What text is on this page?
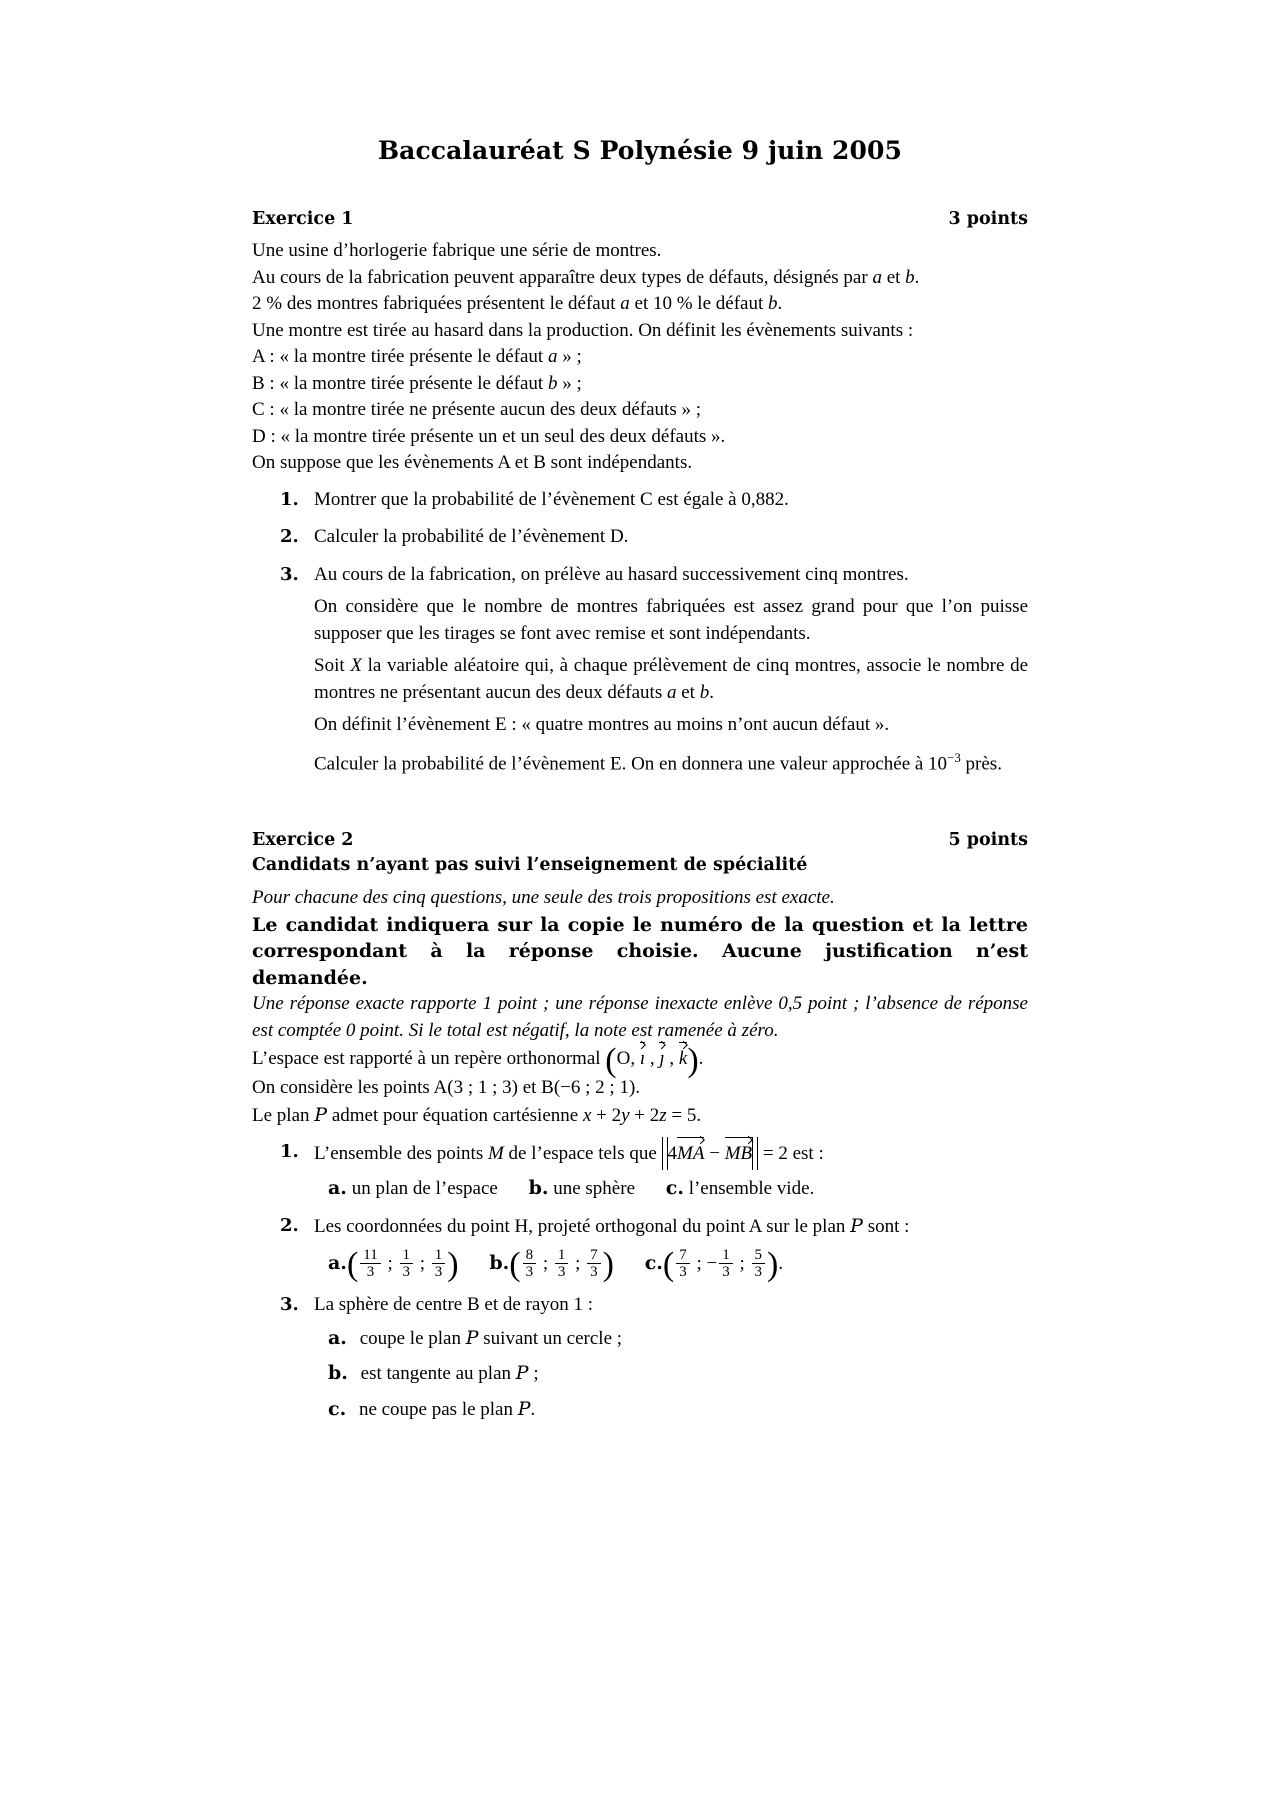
Baccalauréat S Polynésie 9 juin 2005
Exercice 1	3 points

Une usine d’horlogerie fabrique une série de montres.

Au cours de la fabrication peuvent apparaître deux types de défauts, désignés par a et b.

2 % des montres fabriquées présentent le défaut a et 10 % le défaut b.

Une montre est tirée au hasard dans la production. On définit les évènements suivants :

A : « la montre tirée présente le défaut a » ;

B : « la montre tirée présente le défaut b » ;

C : « la montre tirée ne présente aucun des deux défauts » ;

D : « la montre tirée présente un et un seul des deux défauts ».

On suppose que les évènements A et B sont indépendants.

Montrer que la probabilité de l’évènement C est égale à 0,882.

Calculer la probabilité de l’évènement D.

Au cours de la fabrication, on prélève au hasard successivement cinq montres.

On considère que le nombre de montres fabriquées est assez grand pour que l’on puisse supposer que les tirages se font avec remise et sont indépendants.

Soit X la variable aléatoire qui, à chaque prélèvement de cinq montres, associe le nombre de montres ne présentant aucun des deux défauts a et b.

On définit l’évènement E : « quatre montres au moins n’ont aucun défaut ».

Calculer la probabilité de l’évènement E. On en donnera une valeur approchée à $10^{-3}$ près.

Exercice 2	5 points
Candidats n’ayant pas suivi l’enseignement de spécialité

Pour chacune des cinq questions, une seule des trois propositions est exacte.

Le candidat indiquera sur la copie le numéro de la question et la lettre correspondant à la réponse choisie. Aucune justification n’est demandée.

Une réponse exacte rapporte 1 point ; une réponse inexacte enlève 0,5 point ; l’absence de réponse est comptée 0 point. Si le total est négatif, la note est ramenée à zéro.

L’espace est rapporté à un repère orthonormal (O, ı , ȷ , k).

On considère les points A(3 ; 1 ; 3) et B(−6 ; 2 ; 1).

Le plan P admet pour équation cartésienne x + 2y + 2z = 5.

L’ensemble des points M de l’espace tels que 4MA − MB = 2 est :

a. un plan de l’espace b. une sphère c. l’ensemble vide.

Les coordonnées du point H, projeté orthogonal du point A sur le plan P sont :

$a.( \frac{11}{3}$ ; $\frac{1}{3}$ ; $\frac{1}{3}$ ) $b.( \frac{8}{3}$ ; $\frac{1}{3}$ ; $\frac{7}{3}$ ) $c.( \frac{7}{3}$ ; − $\frac{1}{3}$ ; $\frac{5}{3}$ ).

La sphère de centre B et de rayon 1 :

a. coupe le plan P suivant un cercle ;
b. est tangente au plan P ;
c. ne coupe pas le plan P.
